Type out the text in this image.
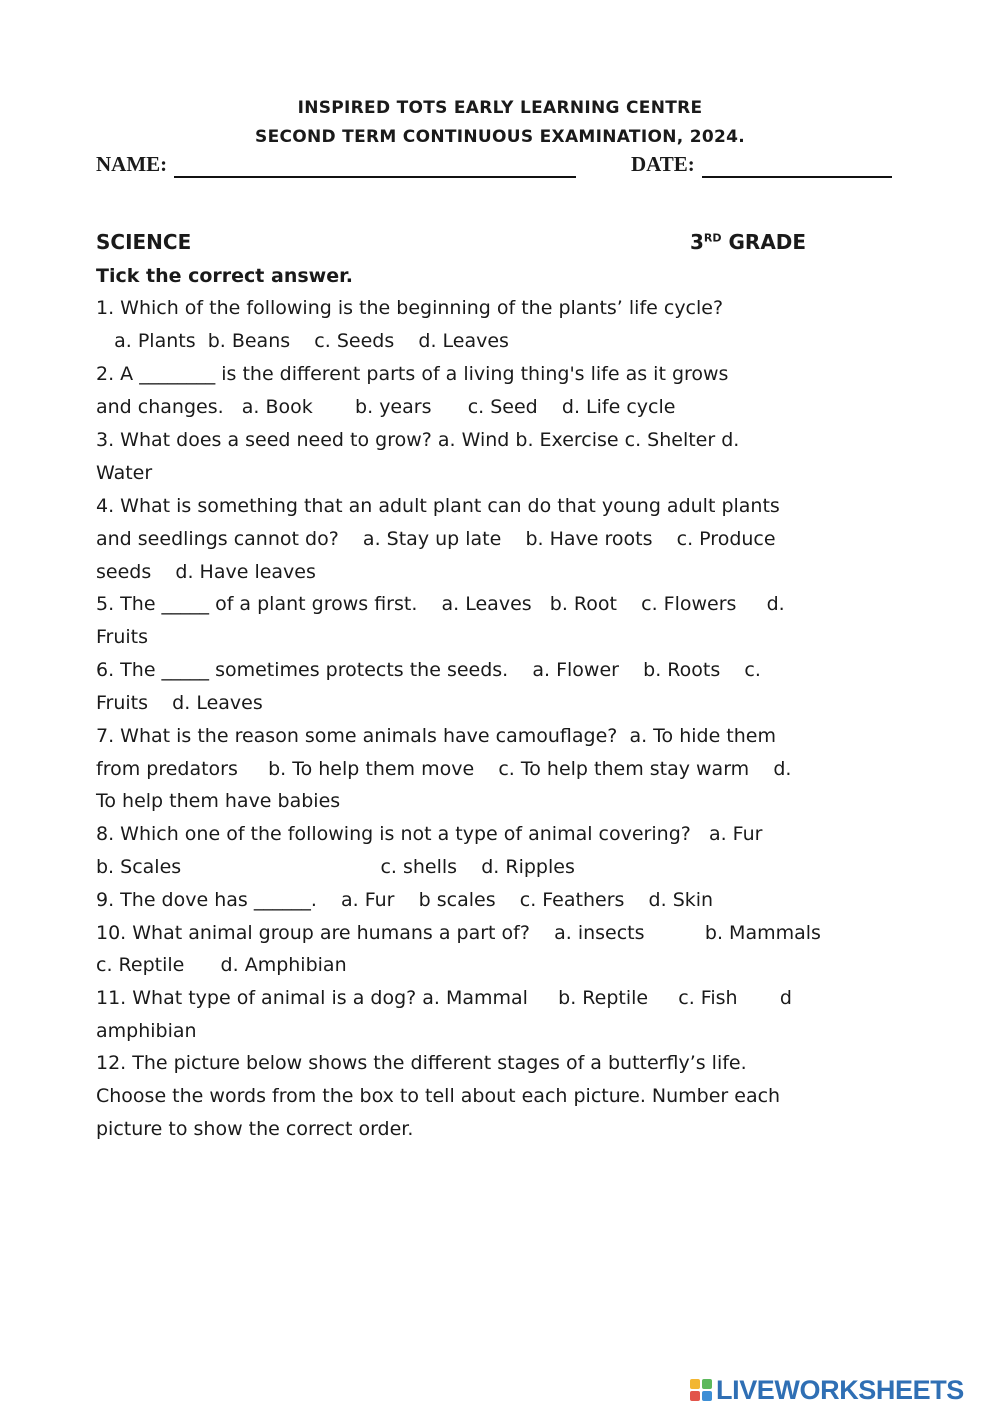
INSPIRED TOTS EARLY LEARNING CENTRE
SECOND TERM CONTINUOUS EXAMINATION, 2024.
NAME:	DATE:
SCIENCE	3RD GRADE
Tick the correct answer.
1. Which of the following is the beginning of the plants’ life cycle?
a. Plants  b. Beans    c. Seeds    d. Leaves
2. A ________ is the different parts of a living thing's life as it grows
and changes.   a. Book       b. years      c. Seed    d. Life cycle
3. What does a seed need to grow? a. Wind b. Exercise c. Shelter d.
Water
4. What is something that an adult plant can do that young adult plants
and seedlings cannot do?    a. Stay up late    b. Have roots    c. Produce
seeds    d. Have leaves
5. The _____ of a plant grows first.    a. Leaves   b. Root    c. Flowers     d.
Fruits
6. The _____ sometimes protects the seeds.    a. Flower    b. Roots    c.
Fruits    d. Leaves
7. What is the reason some animals have camouflage?  a. To hide them
from predators     b. To help them move    c. To help them stay warm    d.
To help them have babies
8. Which one of the following is not a type of animal covering?   a. Fur
b. Scales                                 c. shells    d. Ripples
9. The dove has ______.    a. Fur    b scales    c. Feathers    d. Skin
10. What animal group are humans a part of?    a. insects          b. Mammals
c. Reptile      d. Amphibian
11. What type of animal is a dog? a. Mammal     b. Reptile     c. Fish       d
amphibian
12. The picture below shows the different stages of a butterfly’s life.
Choose the words from the box to tell about each picture. Number each
picture to show the correct order.
LIVEWORKSHEETS
